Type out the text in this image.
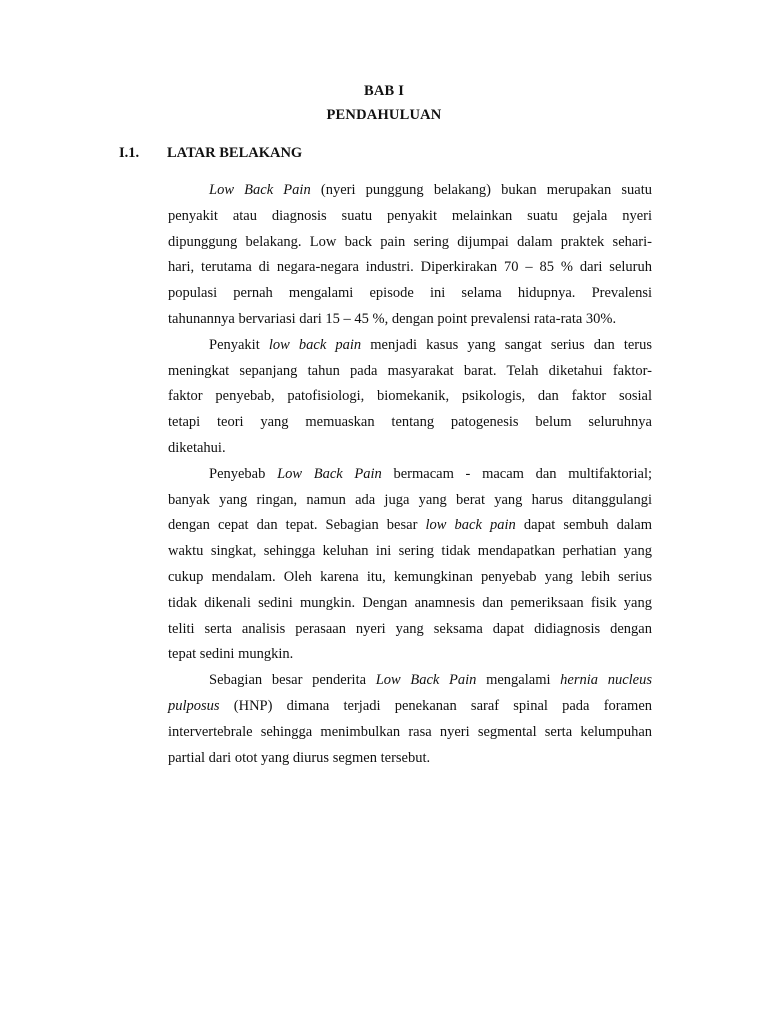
BAB I
PENDAHULUAN
I.1. LATAR BELAKANG

Low Back Pain (nyeri punggung belakang) bukan merupakan suatu
penyakit atau diagnosis suatu penyakit melainkan suatu gejala nyeri
dipunggung belakang. Low back pain sering dijumpai dalam praktek sehari-
hari, terutama di negara-negara industri. Diperkirakan 70 – 85 % dari seluruh
populasi pernah mengalami episode ini selama hidupnya. Prevalensi
tahunannya bervariasi dari 15 – 45 %, dengan point prevalensi rata-rata 30%.

Penyakit low back pain menjadi kasus yang sangat serius dan terus
meningkat sepanjang tahun pada masyarakat barat. Telah diketahui faktor-
faktor penyebab, patofisiologi, biomekanik, psikologis, dan faktor sosial
tetapi teori yang memuaskan tentang patogenesis belum seluruhnya
diketahui.

Penyebab Low Back Pain bermacam - macam dan multifaktorial;
banyak yang ringan, namun ada juga yang berat yang harus ditanggulangi
dengan cepat dan tepat. Sebagian besar low back pain dapat sembuh dalam
waktu singkat, sehingga keluhan ini sering tidak mendapatkan perhatian yang
cukup mendalam. Oleh karena itu, kemungkinan penyebab yang lebih serius
tidak dikenali sedini mungkin. Dengan anamnesis dan pemeriksaan fisik yang
teliti serta analisis perasaan nyeri yang seksama dapat didiagnosis dengan
tepat sedini mungkin.

Sebagian besar penderita Low Back Pain mengalami hernia nucleus
pulposus (HNP) dimana terjadi penekanan saraf spinal pada foramen
intervertebrale sehingga menimbulkan rasa nyeri segmental serta kelumpuhan
partial dari otot yang diurus segmen tersebut.
